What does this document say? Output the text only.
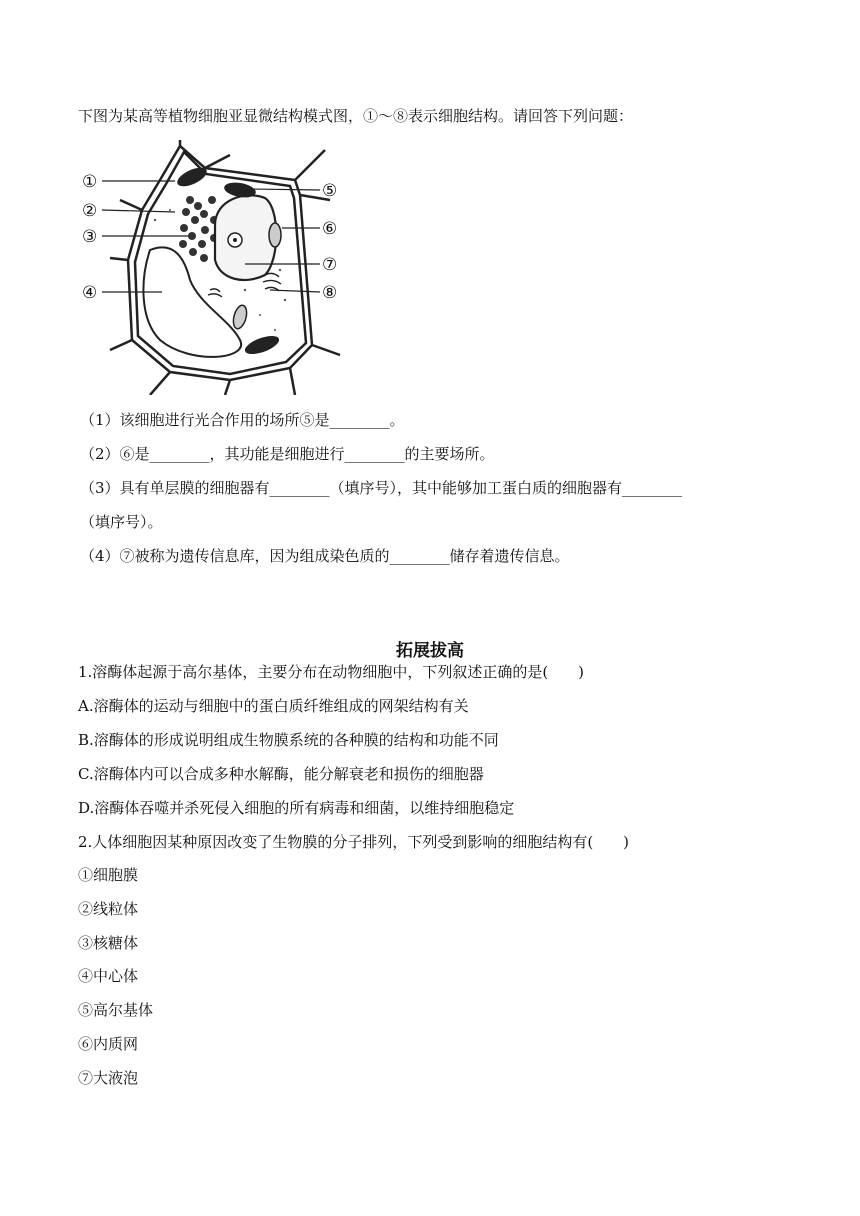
下图为某高等植物细胞亚显微结构模式图，①～⑧表示细胞结构。请回答下列问题：
①
②
③
④
⑤
⑥
⑦
⑧
（1）该细胞进行光合作用的场所⑤是________。
（2）⑥是________，其功能是细胞进行________的主要场所。
（3）具有单层膜的细胞器有________（填序号），其中能够加工蛋白质的细胞器有________
（填序号）。
（4）⑦被称为遗传信息库，因为组成染色质的________储存着遗传信息。
拓展拔高
1.溶酶体起源于高尔基体，主要分布在动物细胞中，下列叙述正确的是(　　)
A.溶酶体的运动与细胞中的蛋白质纤维组成的网架结构有关
B.溶酶体的形成说明组成生物膜系统的各种膜的结构和功能不同
C.溶酶体内可以合成多种水解酶，能分解衰老和损伤的细胞器
D.溶酶体吞噬并杀死侵入细胞的所有病毒和细菌，以维持细胞稳定
2.人体细胞因某种原因改变了生物膜的分子排列，下列受到影响的细胞结构有(　　)
①细胞膜
②线粒体
③核糖体
④中心体
⑤高尔基体
⑥内质网
⑦大液泡
